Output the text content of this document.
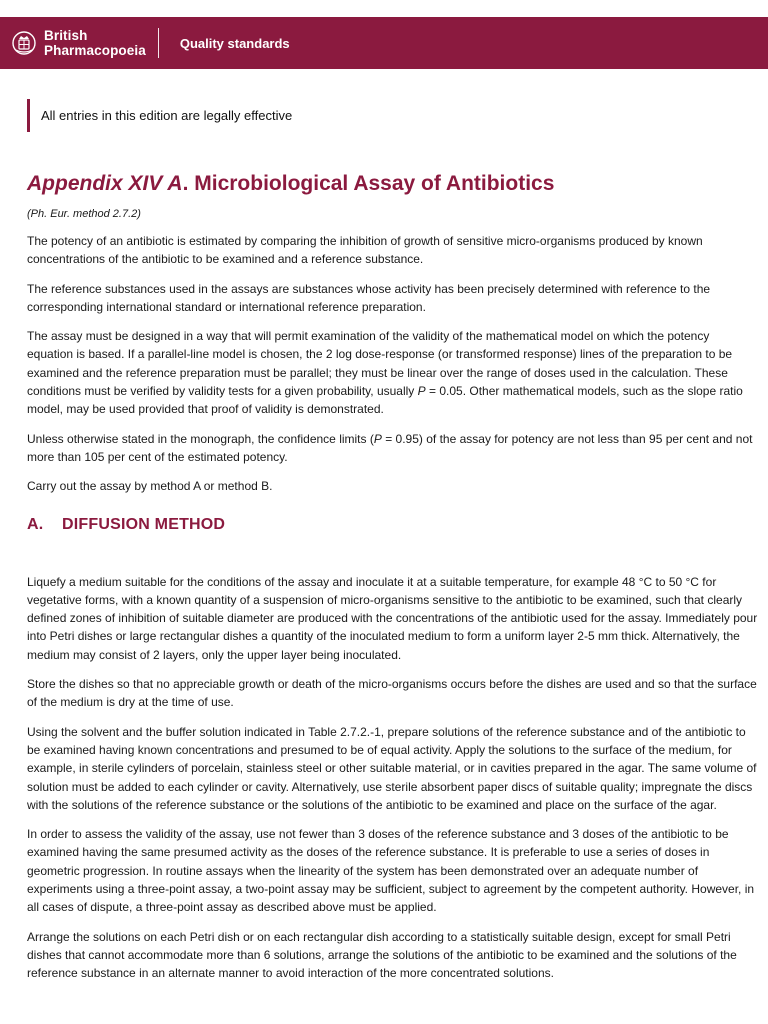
British
Pharmacopoeia	Quality standards
All entries in this edition are legally effective
Appendix XIV A. Microbiological Assay of Antibiotics

(Ph. Eur. method 2.7.2)

The potency of an antibiotic is estimated by comparing the inhibition of growth of sensitive micro-organisms produced by known concentrations of the antibiotic to be examined and a reference substance.

The reference substances used in the assays are substances whose activity has been precisely determined with reference to the corresponding international standard or international reference preparation.

The assay must be designed in a way that will permit examination of the validity of the mathematical model on which the potency equation is based. If a parallel-line model is chosen, the 2 log dose-response (or transformed response) lines of the preparation to be examined and the reference preparation must be parallel; they must be linear over the range of doses used in the calculation. These conditions must be verified by validity tests for a given probability, usually P = 0.05. Other mathematical models, such as the slope ratio model, may be used provided that proof of validity is demonstrated.

Unless otherwise stated in the monograph, the confidence limits (P = 0.95) of the assay for potency are not less than 95 per cent and not more than 105 per cent of the estimated potency.

Carry out the assay by method A or method B.

A. DIFFUSION METHOD

Liquefy a medium suitable for the conditions of the assay and inoculate it at a suitable temperature, for example 48 °C to 50 °C for vegetative forms, with a known quantity of a suspension of micro-organisms sensitive to the antibiotic to be examined, such that clearly defined zones of inhibition of suitable diameter are produced with the concentrations of the antibiotic used for the assay. Immediately pour into Petri dishes or large rectangular dishes a quantity of the inoculated medium to form a uniform layer 2-5 mm thick. Alternatively, the medium may consist of 2 layers, only the upper layer being inoculated.

Store the dishes so that no appreciable growth or death of the micro-organisms occurs before the dishes are used and so that the surface of the medium is dry at the time of use.

Using the solvent and the buffer solution indicated in Table 2.7.2.-1, prepare solutions of the reference substance and of the antibiotic to be examined having known concentrations and presumed to be of equal activity. Apply the solutions to the surface of the medium, for example, in sterile cylinders of porcelain, stainless steel or other suitable material, or in cavities prepared in the agar. The same volume of solution must be added to each cylinder or cavity. Alternatively, use sterile absorbent paper discs of suitable quality; impregnate the discs with the solutions of the reference substance or the solutions of the antibiotic to be examined and place on the surface of the agar.

In order to assess the validity of the assay, use not fewer than 3 doses of the reference substance and 3 doses of the antibiotic to be examined having the same presumed activity as the doses of the reference substance. It is preferable to use a series of doses in geometric progression. In routine assays when the linearity of the system has been demonstrated over an adequate number of experiments using a three-point assay, a two-point assay may be sufficient, subject to agreement by the competent authority. However, in all cases of dispute, a three-point assay as described above must be applied.

Arrange the solutions on each Petri dish or on each rectangular dish according to a statistically suitable design, except for small Petri dishes that cannot accommodate more than 6 solutions, arrange the solutions of the antibiotic to be examined and the solutions of the reference substance in an alternate manner to avoid interaction of the more concentrated solutions.
